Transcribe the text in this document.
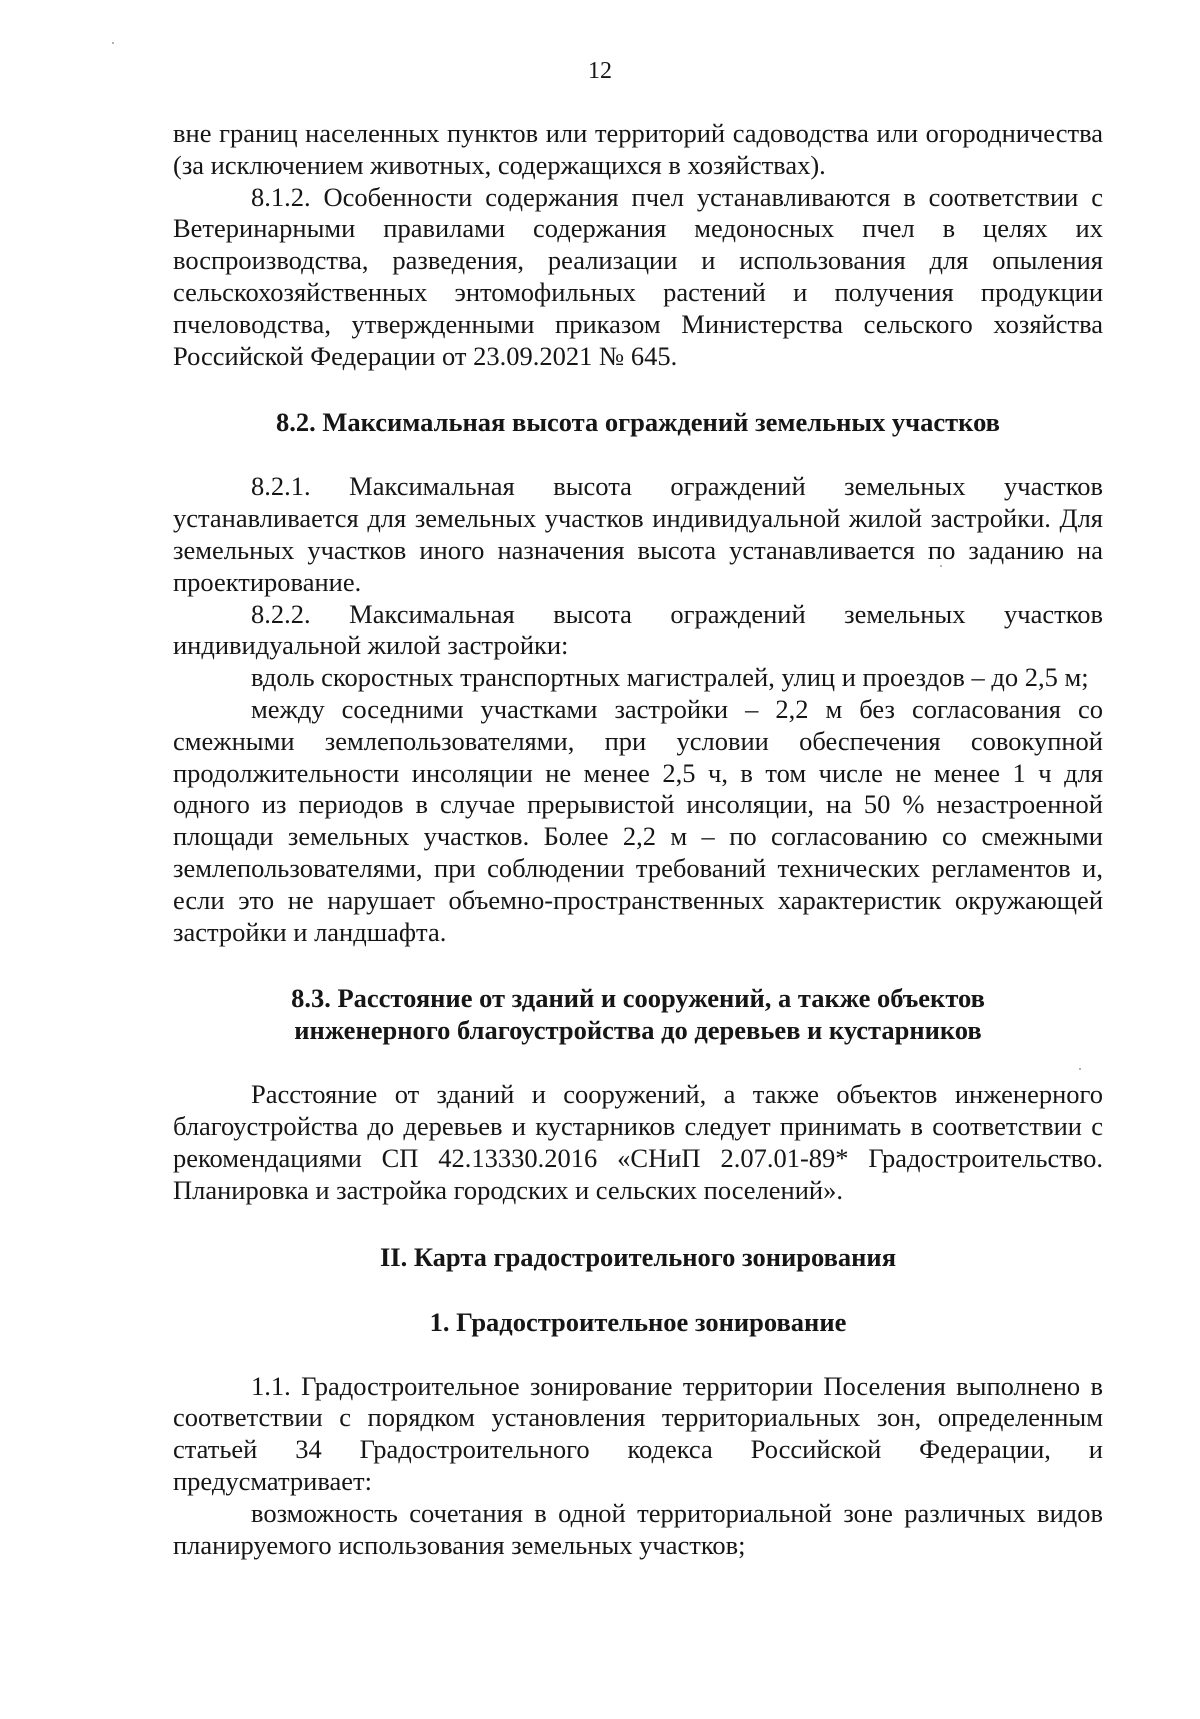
12

вне границ населенных пунктов или территорий садоводства или огородничества (за исключением животных, содержащихся в хозяйствах).

8.1.2. Особенности содержания пчел устанавливаются в соответствии с Ветеринарными правилами содержания медоносных пчел в целях их воспроизводства, разведения, реализации и использования для опыления сельскохозяйственных энтомофильных растений и получения продукции пчеловодства, утвержденными приказом Министерства сельского хозяйства Российской Федерации от 23.09.2021 № 645.

8.2. Максимальная высота ограждений земельных участков

8.2.1. Максимальная высота ограждений земельных участков устанавливается для земельных участков индивидуальной жилой застройки. Для земельных участков иного назначения высота устанавливается по заданию на проектирование.

8.2.2. Максимальная высота ограждений земельных участков индивидуальной жилой застройки:

вдоль скоростных транспортных магистралей, улиц и проездов – до 2,5 м;

между соседними участками застройки – 2,2 м без согласования со смежными землепользователями, при условии обеспечения совокупной продолжительности инсоляции не менее 2,5 ч, в том числе не менее 1 ч для одного из периодов в случае прерывистой инсоляции, на 50 % незастроенной площади земельных участков. Более 2,2 м – по согласованию со смежными землепользователями, при соблюдении требований технических регламентов и, если это не нарушает объемно-пространственных характеристик окружающей застройки и ландшафта.

8.3. Расстояние от зданий и сооружений, а также объектов
инженерного благоустройства до деревьев и кустарников

Расстояние от зданий и сооружений, а также объектов инженерного благоустройства до деревьев и кустарников следует принимать в соответствии с рекомендациями СП 42.13330.2016 «СНиП 2.07.01-89* Градостроительство. Планировка и застройка городских и сельских поселений».

II. Карта градостроительного зонирования
1. Градостроительное зонирование

1.1. Градостроительное зонирование территории Поселения выполнено в соответствии с порядком установления территориальных зон, определенным статьей 34 Градостроительного кодекса Российской Федерации, и предусматривает:

возможность сочетания в одной территориальной зоне различных видов планируемого использования земельных участков;
